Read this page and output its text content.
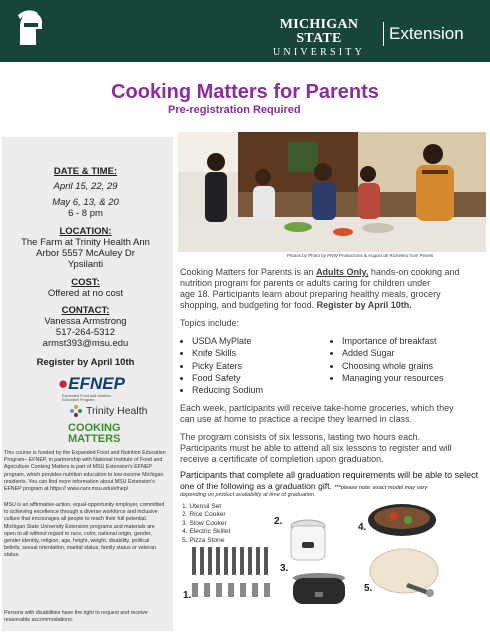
MICHIGAN STATE
UNIVERSITY
Extension
Cooking Matters for Parents
Pre-registration Required
DATE & TIME:
April 15, 22, 29
May 6, 13, & 20
6 - 8 pm
LOCATION:
The Farm at Trinity Health Ann
Arbor 5557 McAuley Dr
Ypsilanti
COST:
Offered at no cost
CONTACT:
Vanessa Armstrong
517-264-5312
armst393@msu.edu
Register by April 10th
●EFNEP
Expanded Food and Nutrition Education Program
Trinity Health
COOKING
MATTERS
This course is funded by the Expanded Food and Nutrition Education Program– EFNEP, in partnership with National Institute of Food and Agriculture Cooking Matters is part of MSU Extension's EFNEP program, which provides nutrition education to low-income Michigan residents. You can find more information about MSU Extension's EFNEP program at https:// www.canr.msu.edu/efnep/
MSU is an affirmative-action, equal-opportunity employer, committed to achieving excellence through a diverse workforce and inclusive culture that encourages all people to reach their full potential. Michigan State University Extension programs and materials are open to all without regard to race, color, national origin, gender, gender identity, religion, age, height, weight, disability, political beliefs, sexual orientation, marital status, family status or veteran status.
Persons with disabilities have the right to request and receive reasonable accommodations.
Photos by Photo by PNW Productions & August de Richelieu from Pexels
Cooking Matters for Parents is an Adults Only, hands-on cooking and
nutrition program for parents or adults caring for children under
age 18. Participants learn about preparing healthy meals, grocery
shopping, and budgeting for food. Register by April 10th.
Topics include:
• USDA MyPlate
• Knife Skills
• Picky Eaters
• Food Safety
• Reducing Sodium
• Importance of breakfast
• Added Sugar
• Choosing whole grains
• Managing your resources
Each week, participants will receive take-home groceries, which they
can use at home to practice a recipe they learned in class.
The program consists of six lessons, lasting two hours each.
Participants must be able to attend all six lessons to register and will
receive a certificate of completion upon graduation.
Participants that complete all graduation requirements will be able to select
one of the following as a graduation gift. ***please note: exact model may vary
depending on product availability at time of graduation.
1. Utensil Set
2. Rice Cooker
3. Slow Cooker
4. Electric Skillet
5. Pizza Stone
1.
2.
3.
4.
5.
